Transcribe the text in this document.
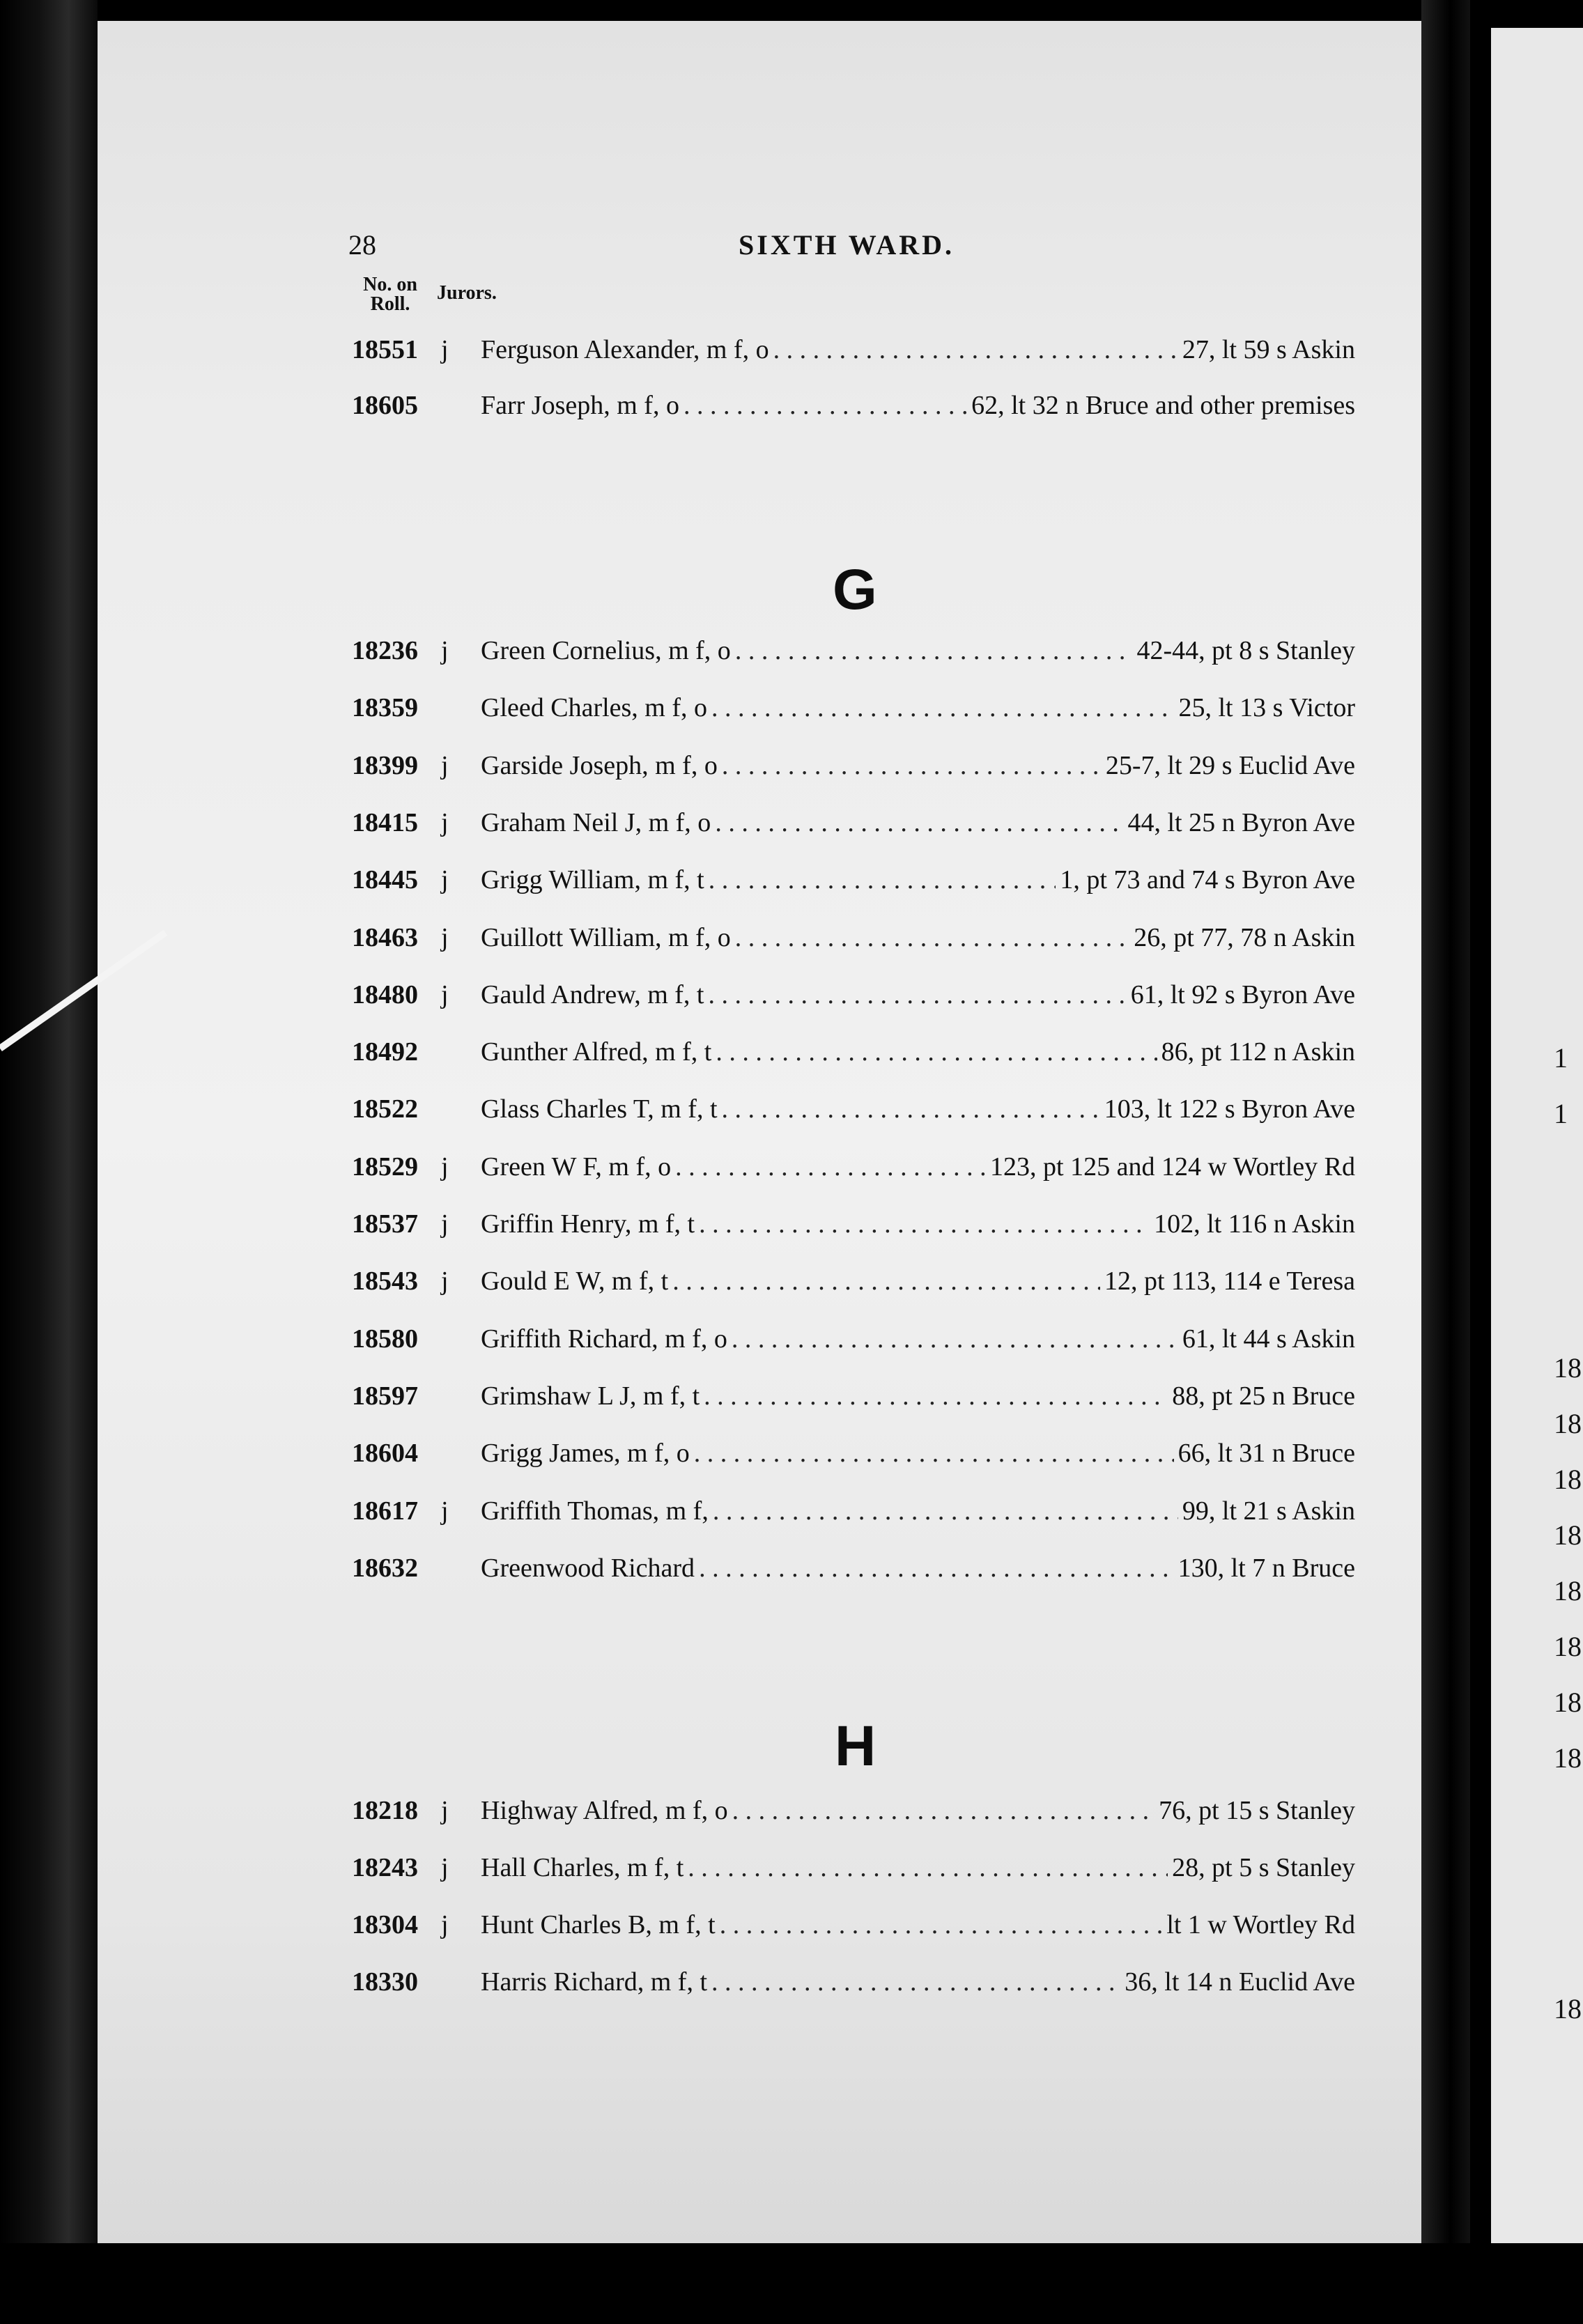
1
1
18
18
18
18
18
18
18
18
18
28	SIXTH WARD.
No. on Roll.
Jurors.
18551 j Ferguson Alexander, m f, o . . .	27, lt 59 s Askin
18605 Farr Joseph, m f, o . . .	62, lt 32 n Bruce and other premises
G
18236 j Green Cornelius, m f, o . . .	42-44, pt 8 s Stanley
18359 Gleed Charles, m f, o . . .	25, lt 13 s Victor
18399 j Garside Joseph, m f, o . . .	25-7, lt 29 s Euclid Ave
18415 j Graham Neil J, m f, o . . .	44, lt 25 n Byron Ave
18445 j Grigg William, m f, t . . .	1, pt 73 and 74 s Byron Ave
18463 j Guillott William, m f, o . . .	26, pt 77, 78 n Askin
18480 j Gauld Andrew, m f, t . . .	61, lt 92 s Byron Ave
18492 Gunther Alfred, m f, t . . .	86, pt 112 n Askin
18522 Glass Charles T, m f, t . . .	103, lt 122 s Byron Ave
18529 j Green W F, m f, o . . .	123, pt 125 and 124 w Wortley Rd
18537 j Griffin Henry, m f, t . . .	102, lt 116 n Askin
18543 j Gould E W, m f, t . . .	12, pt 113, 114 e Teresa
18580 Griffith Richard, m f, o . . .	61, lt 44 s Askin
18597 Grimshaw L J, m f, t . . .	88, pt 25 n Bruce
18604 Grigg James, m f, o . . .	66, lt 31 n Bruce
18617 j Griffith Thomas, m f, . . .	99, lt 21 s Askin
18632 Greenwood Richard . . .	130, lt 7 n Bruce
H
18218 j Highway Alfred, m f, o . . .	76, pt 15 s Stanley
18243 j Hall Charles, m f, t . . .	28, pt 5 s Stanley
18304 j Hunt Charles B, m f, t . . .	lt 1 w Wortley Rd
18330 Harris Richard, m f, t . . .	36, lt 14 n Euclid Ave
